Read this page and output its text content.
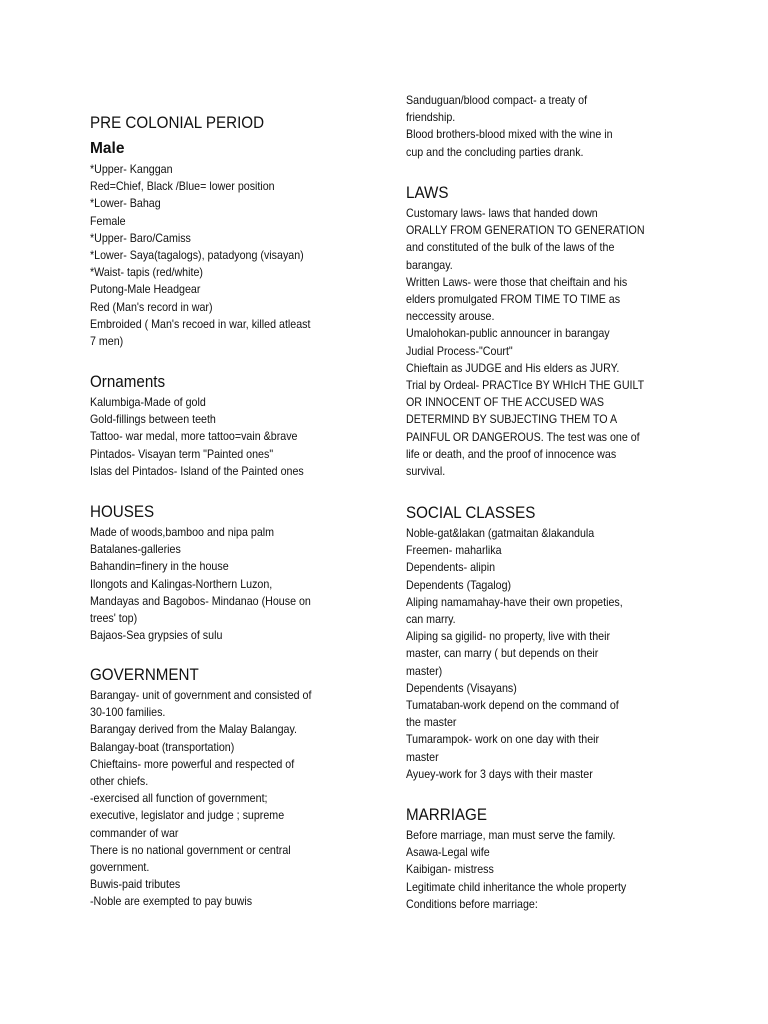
PRE COLONIAL PERIOD
Male

*Upper- Kanggan

Red=Chief, Black /Blue= lower position

*Lower- Bahag

Female

*Upper- Baro/Camiss

*Lower- Saya(tagalogs), patadyong (visayan)

*Waist- tapis (red/white)

Putong-Male Headgear

Red (Man's record in war)

Embroided ( Man's recoed in war, killed atleast

7 men)

Ornaments

Kalumbiga-Made of gold

Gold-fillings between teeth

Tattoo- war medal, more tattoo=vain &brave

Pintados- Visayan term "Painted ones"

Islas del Pintados- Island of the Painted ones

HOUSES

Made of woods,bamboo and nipa palm

Batalanes-galleries

Bahandin=finery in the house

Ilongots and Kalingas-Northern Luzon,

Mandayas and Bagobos- Mindanao (House on

trees' top)

Bajaos-Sea grypsies of sulu

GOVERNMENT

Barangay- unit of government and consisted of

30-100 families.

Barangay derived from the Malay Balangay.

Balangay-boat (transportation)

Chieftains- more powerful and respected of

other chiefs.

-exercised all function of government;

executive, legislator and judge ; supreme

commander of war

There is no national government or central

government.

Buwis-paid tributes

-Noble are exempted to pay buwis

Sanduguan/blood compact- a treaty of

friendship.

Blood brothers-blood mixed with the wine in

cup and the concluding parties drank.

LAWS

Customary laws- laws that handed down

ORALLY FROM GENERATION TO GENERATION

and constituted of the bulk of the laws of the

barangay.

Written Laws- were those that cheiftain and his

elders promulgated FROM TIME TO TIME as

neccessity arouse.

Umalohokan-public announcer in barangay

Judial Process-"Court"

Chieftain as JUDGE and His elders as JURY.

Trial by Ordeal- PRACTIce BY WHIcH THE GUILT

OR INNOCENT OF THE ACCUSED WAS

DETERMIND BY SUBJECTING THEM TO A

PAINFUL OR DANGEROUS. The test was one of

life or death, and the proof of innocence was

survival.

SOCIAL CLASSES

Noble-gat&lakan (gatmaitan &lakandula

Freemen- maharlika

Dependents- alipin

Dependents (Tagalog)

Aliping namamahay-have their own propeties,

can marry.

Aliping sa gigilid- no property, live with their

master, can marry ( but depends on their

master)

Dependents (Visayans)

Tumataban-work depend on the command of

the master

Tumarampok- work on one day with their

master

Ayuey-work for 3 days with their master

MARRIAGE

Before marriage, man must serve the family.

Asawa-Legal wife

Kaibigan- mistress

Legitimate child inheritance the whole property

Conditions before marriage:
